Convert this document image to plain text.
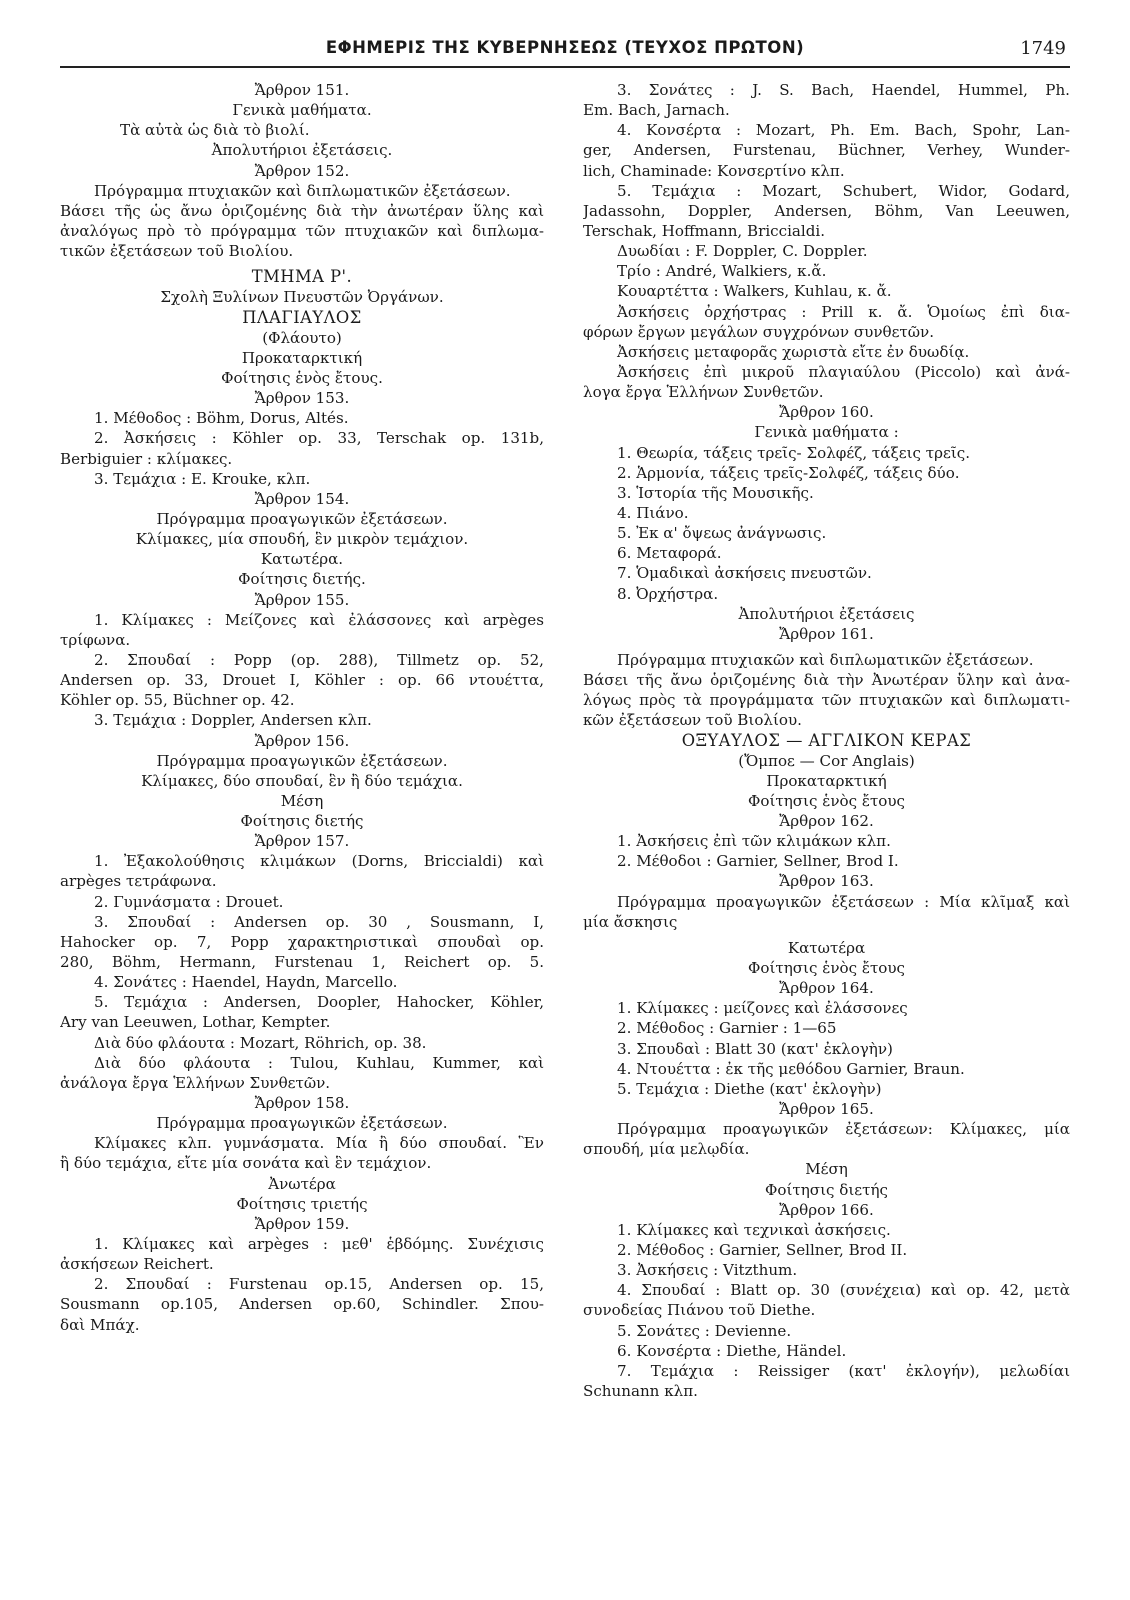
ΕΦΗΜΕΡΙΣ ΤΗΣ ΚΥΒΕΡΝΗΣΕΩΣ (ΤΕΥΧΟΣ ΠΡΩΤΟΝ)	1749
Ἄρθρον 151.
Γενικὰ μαθήματα.
Τὰ αὐτὰ ὡς διὰ τὸ βιολί.
Ἀπολυτήριοι ἐξετάσεις.
Ἄρθρον 152.
Πρόγραμμα πτυχιακῶν καὶ διπλωματικῶν ἐξετάσεων.
Βάσει τῆς ὡς ἄνω ὁριζομένης διὰ τὴν ἀνωτέραν ὕλης καὶ
ἀναλόγως πρὸ τὸ πρόγραμμα τῶν πτυχιακῶν καὶ διπλωμα-
τικῶν ἐξετάσεων τοῦ Βιολίου.
ΤΜΗΜΑ Ρ'.
Σχολὴ Ξυλίνων Πνευστῶν Ὀργάνων.
ΠΛΑΓΙΑΥΛΟΣ
(Φλάουτο)
Προκαταρκτική
Φοίτησις ἑνὸς ἔτους.
Ἄρθρον 153.
1. Μέθοδος : Böhm, Dorus, Altés.
2. Ἀσκήσεις : Köhler op. 33, Terschak op. 131b,
Berbiguier : κλίμακες.
3. Τεμάχια : E. Krouke, κλπ.
Ἄρθρον 154.
Πρόγραμμα προαγωγικῶν ἐξετάσεων.
Κλίμακες, μία σπουδή, ἓν μικρὸν τεμάχιον.
Κατωτέρα.
Φοίτησις διετής.
Ἄρθρον 155.
1. Κλίμακες : Μείζονες καὶ ἐλάσσονες καὶ arpèges
τρίφωνα.
2. Σπουδαί : Popp (op. 288), Tillmetz op. 52,
Andersen op. 33, Drouet I, Köhler : op. 66 ντουέττα,
Köhler op. 55, Büchner op. 42.
3. Τεμάχια : Doppler, Andersen κλπ.
Ἄρθρον 156.
Πρόγραμμα προαγωγικῶν ἐξετάσεων.
Κλίμακες, δύο σπουδαί, ἓν ἢ δύο τεμάχια.
Μέση
Φοίτησις διετής
Ἄρθρον 157.
1. Ἐξακολούθησις κλιμάκων (Dorns, Briccialdi) καὶ
arpèges τετράφωνα.
2. Γυμνάσματα : Drouet.
3. Σπουδαί : Andersen op. 30 , Sousmann, I,
Hahocker op. 7, Popp χαρακτηριστικαὶ σπουδαὶ op.
280, Böhm, Hermann, Furstenau 1, Reichert op. 5.
4. Σονάτες : Haendel, Haydn, Marcello.
5. Τεμάχια : Andersen, Doopler, Hahocker, Köhler,
Ary van Leeuwen, Lothar, Kempter.
Διὰ δύο φλάουτα : Mozart, Röhrich, op. 38.
Διὰ δύο φλάουτα : Tulou, Kuhlau, Kummer, καὶ
ἀνάλογα ἔργα Ἑλλήνων Συνθετῶν.
Ἄρθρον 158.
Πρόγραμμα προαγωγικῶν ἐξετάσεων.
Κλίμακες κλπ. γυμνάσματα. Μία ἢ δύο σπουδαί. Ἓν
ἢ δύο τεμάχια, εἴτε μία σονάτα καὶ ἓν τεμάχιον.
Ἀνωτέρα
Φοίτησις τριετής
Ἄρθρον 159.
1. Κλίμακες καὶ arpèges : μεθ' ἑβδόμης. Συνέχισις
ἀσκήσεων Reichert.
2. Σπουδαί : Furstenau op.15, Andersen op. 15,
Sousmann op.105, Andersen op.60, Schindler. Σπου-
δαὶ Μπάχ.
3. Σονάτες : J. S. Bach, Haendel, Hummel, Ph.
Em. Bach, Jarnach.
4. Κονσέρτα : Mozart, Ph. Em. Bach, Spohr, Lan-
ger, Andersen, Furstenau, Büchner, Verhey, Wunder-
lich, Chaminade: Κονσερτίνο κλπ.
5. Τεμάχια : Mozart, Schubert, Widor, Godard,
Jadassohn, Doppler, Andersen, Böhm, Van Leeuwen,
Terschak, Hoffmann, Briccialdi.
Δυωδίαι : F. Doppler, C. Doppler.
Τρίο : André, Walkiers, κ.ἄ.
Κουαρτέττα : Walkers, Kuhlau, κ. ἄ.
Ἀσκήσεις ὀρχήστρας : Prill κ. ἄ. Ὁμοίως ἐπὶ δια-
φόρων ἔργων μεγάλων συγχρόνων συνθετῶν.
Ἀσκήσεις μεταφορᾶς χωριστὰ εἴτε ἐν δυωδίᾳ.
Ἀσκήσεις ἐπὶ μικροῦ πλαγιαύλου (Piccolo) καὶ ἀνά-
λογα ἔργα Ἑλλήνων Συνθετῶν.
Ἄρθρον 160.
Γενικὰ μαθήματα :
1. Θεωρία, τάξεις τρεῖς- Σολφέζ, τάξεις τρεῖς.
2. Ἁρμονία, τάξεις τρεῖς-Σολφέζ, τάξεις δύο.
3. Ἱστορία τῆς Μουσικῆς.
4. Πιάνο.
5. Ἐκ α' ὄψεως ἀνάγνωσις.
6. Μεταφορά.
7. Ὁμαδικαὶ ἀσκήσεις πνευστῶν.
8. Ὀρχήστρα.
Ἀπολυτήριοι ἐξετάσεις
Ἄρθρον 161.
Πρόγραμμα πτυχιακῶν καὶ διπλωματικῶν ἐξετάσεων.
Βάσει τῆς ἄνω ὁριζομένης διὰ τὴν Ἀνωτέραν ὕλην καὶ ἀνα-
λόγως πρὸς τὰ προγράμματα τῶν πτυχιακῶν καὶ διπλωματι-
κῶν ἐξετάσεων τοῦ Βιολίου.
ΟΞΥΑΥΛΟΣ — ΑΓΓΛΙΚΟΝ ΚΕΡΑΣ
(Ὄμποε — Cor Anglais)
Προκαταρκτική
Φοίτησις ἑνὸς ἔτους
Ἄρθρον 162.
1. Ἀσκήσεις ἐπὶ τῶν κλιμάκων κλπ.
2. Μέθοδοι : Garnier, Sellner, Brod I.
Ἄρθρον 163.
Πρόγραμμα προαγωγικῶν ἐξετάσεων : Μία κλῖμαξ καὶ
μία ἄσκησις
Κατωτέρα
Φοίτησις ἑνὸς ἔτους
Ἄρθρον 164.
1. Κλίμακες : μείζονες καὶ ἐλάσσονες
2. Μέθοδος : Garnier : 1—65
3. Σπουδαὶ : Blatt 30 (κατ' ἐκλογὴν)
4. Ντουέττα : ἐκ τῆς μεθόδου Garnier, Braun.
5. Τεμάχια : Diethe (κατ' ἐκλογὴν)
Ἄρθρον 165.
Πρόγραμμα προαγωγικῶν ἐξετάσεων: Κλίμακες, μία
σπουδή, μία μελῳδία.
Μέση
Φοίτησις διετής
Ἄρθρον 166.
1. Κλίμακες καὶ τεχνικαὶ ἀσκήσεις.
2. Μέθοδος : Garnier, Sellner, Brod II.
3. Ἀσκήσεις : Vitzthum.
4. Σπουδαί : Blatt op. 30 (συνέχεια) καὶ op. 42, μετὰ
συνοδείας Πιάνου τοῦ Diethe.
5. Σονάτες : Devienne.
6. Κονσέρτα : Diethe, Händel.
7. Τεμάχια : Reissiger (κατ' ἐκλογήν), μελωδίαι
Schunann κλπ.
